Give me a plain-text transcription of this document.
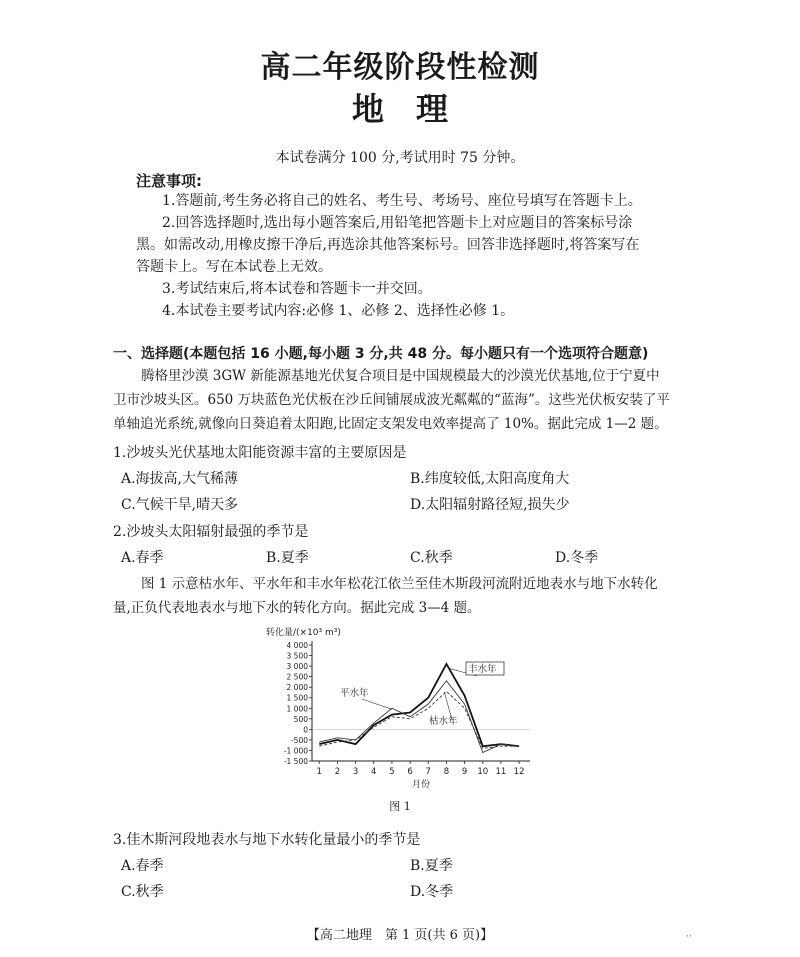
高二年级阶段性检测
地　理
本试卷满分 100 分,考试用时 75 分钟。
注意事项:
1.答题前,考生务必将自己的姓名、考生号、考场号、座位号填写在答题卡上。
2.回答选择题时,选出每小题答案后,用铅笔把答题卡上对应题目的答案标号涂
黑。如需改动,用橡皮擦干净后,再选涂其他答案标号。回答非选择题时,将答案写在
答题卡上。写在本试卷上无效。
3.考试结束后,将本试卷和答题卡一并交回。
4.本试卷主要考试内容:必修 1、必修 2、选择性必修 1。
一、选择题(本题包括 16 小题,每小题 3 分,共 48 分。每小题只有一个选项符合题意)
腾格里沙漠 3GW 新能源基地光伏复合项目是中国规模最大的沙漠光伏基地,位于宁夏中
卫市沙坡头区。650 万块蓝色光伏板在沙丘间铺展成波光粼粼的“蓝海”。这些光伏板安装了平
单轴追光系统,就像向日葵追着太阳跑,比固定支架发电效率提高了 10%。据此完成 1—2 题。
1.沙坡头光伏基地太阳能资源丰富的主要原因是
A.海拔高,大气稀薄	B.纬度较低,太阳高度角大
C.气候干旱,晴天多	D.太阳辐射路径短,损失少
2.沙坡头太阳辐射最强的季节是
A.春季	B.夏季	C.秋季	D.冬季
图 1 示意枯水年、平水年和丰水年松花江依兰至佳木斯段河流附近地表水与地下水转化
量,正负代表地表水与地下水的转化方向。据此完成 3—4 题。
转化量/(×10³ m³)
4 000
3 500
3 000
2 500
2 000
1 500
1 000
500
0
-500
-1 000
-1 500
1 2 3 4 5 6 7 8 9 10 11 12
月份
丰水年
平水年
枯水年
图 1
3.佳木斯河段地表水与地下水转化量最小的季节是
A.春季	B.夏季
C.秋季	D.冬季
【高二地理　第 1 页(共 6 页)】	··
